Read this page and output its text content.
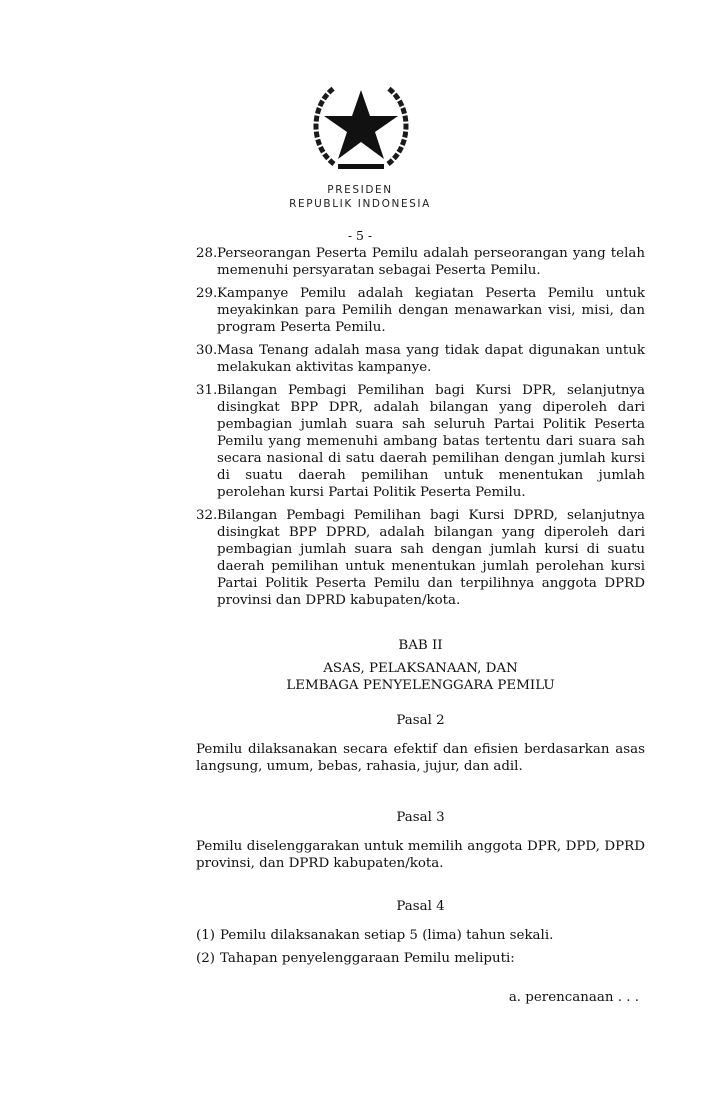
PRESIDEN
REPUBLIK INDONESIA
- 5 -
28. Perseorangan Peserta Pemilu adalah perseorangan yang telah memenuhi persyaratan sebagai Peserta Pemilu.
29. Kampanye Pemilu adalah kegiatan Peserta Pemilu untuk meyakinkan para Pemilih dengan menawarkan visi, misi, dan program Peserta Pemilu.
30. Masa Tenang adalah masa yang tidak dapat digunakan untuk melakukan aktivitas kampanye.
31. Bilangan Pembagi Pemilihan bagi Kursi DPR, selanjutnya disingkat BPP DPR, adalah bilangan yang diperoleh dari pembagian jumlah suara sah seluruh Partai Politik Peserta Pemilu yang memenuhi ambang batas tertentu dari suara sah secara nasional di satu daerah pemilihan dengan jumlah kursi di suatu daerah pemilihan untuk menentukan jumlah perolehan kursi Partai Politik Peserta Pemilu.
32. Bilangan Pembagi Pemilihan bagi Kursi DPRD, selanjutnya disingkat BPP DPRD, adalah bilangan yang diperoleh dari pembagian jumlah suara sah dengan jumlah kursi di suatu daerah pemilihan untuk menentukan jumlah perolehan kursi Partai Politik Peserta Pemilu dan terpilihnya anggota DPRD provinsi dan DPRD kabupaten/kota.
BAB II
ASAS, PELAKSANAAN, DAN
LEMBAGA PENYELENGGARA PEMILU
Pasal 2
Pemilu dilaksanakan secara efektif dan efisien berdasarkan asas langsung, umum, bebas, rahasia, jujur, dan adil.
Pasal 3
Pemilu diselenggarakan untuk memilih anggota DPR, DPD, DPRD provinsi, dan DPRD kabupaten/kota.
Pasal 4
(1) Pemilu dilaksanakan setiap 5 (lima) tahun sekali.
(2) Tahapan penyelenggaraan Pemilu meliputi:
a. perencanaan . . .
